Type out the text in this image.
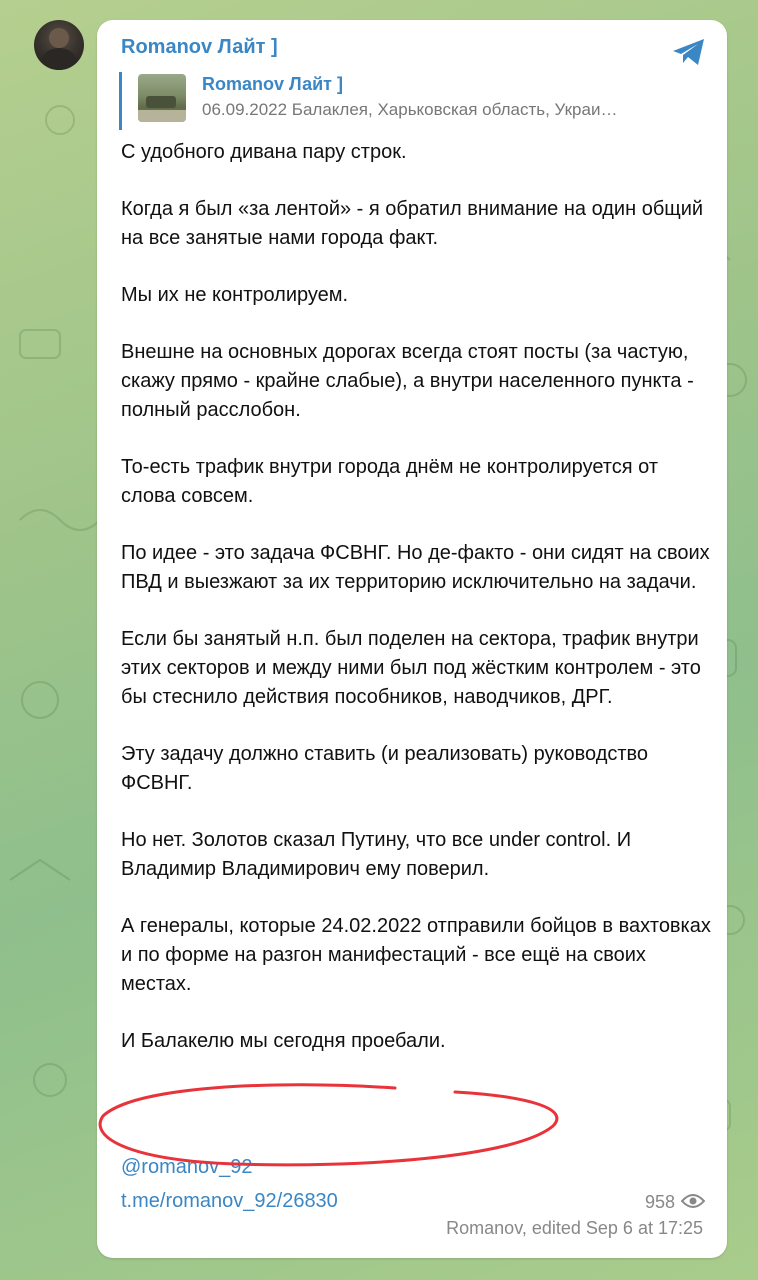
Romanov Лайт ]
Romanov Лайт ]
06.09.2022 Балаклея, Харьковская область, Украи…

С удобного дивана пару строк.

Когда я был «за лентой» - я обратил внимание на один общий на все занятые нами города факт.

Мы их не контролируем.

Внешне на основных дорогах всегда стоят посты (за частую, скажу прямо - крайне слабые), а внутри населенного пункта - полный расслобон.

То-есть трафик внутри города днём не контролируется от слова совсем.

По идее - это задача ФСВНГ. Но де-факто - они сидят на своих ПВД и выезжают за их территорию исключительно на задачи.

Если бы занятый н.п. был поделен на сектора, трафик внутри этих секторов и между ними был под жёстким контролем - это бы стеснило действия пособников, наводчиков, ДРГ.

Эту задачу должно ставить (и реализовать) руководство ФСВНГ.

Но нет. Золотов сказал Путину, что все under control. И Владимир Владимирович ему поверил.

А генералы, которые 24.02.2022 отправили бойцов в вахтовках и по форме на разгон манифестаций - все ещё на своих местах.

И Балакелю мы сегодня проебали.

@romanov_92
t.me/romanov_92/26830	958
Romanov, edited Sep 6 at 17:25
